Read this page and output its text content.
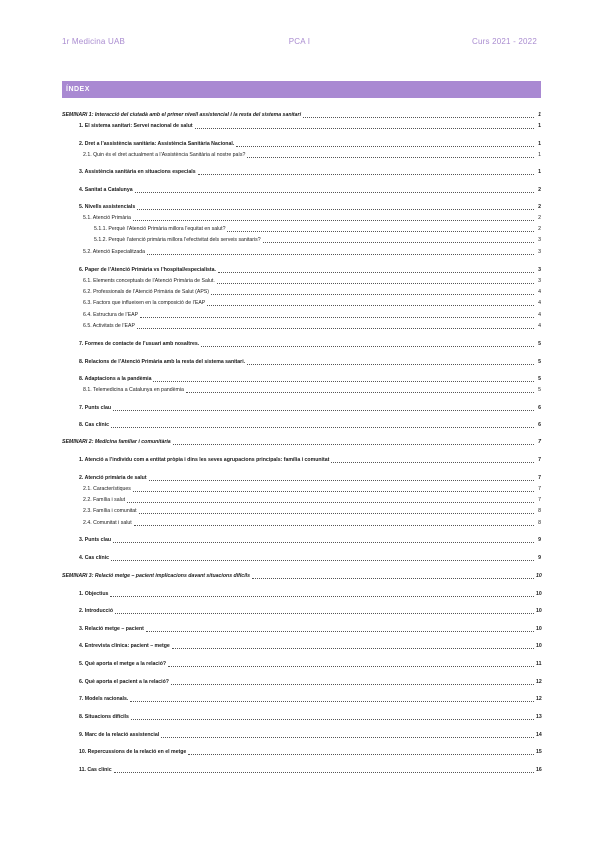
1r Medicina UAB	PCA I	Curs 2021 - 2022
ÍNDEX
SEMINARI 1: Interacció del ciutadà amb el primer nivell assistencial i la resta del sistema sanitari	1
1. El sistema sanitari: Servei nacional de salut	1
2. Dret a l’assistència sanitària: Assistència Sanitària Nacional.	1
2.1. Quin és el dret actualment a l’Assistència Sanitària al nostre país?	1
3. Assistència sanitària en situacions especials	1
4. Sanitat a Catalunya	2
5. Nivells assistencials	2
5.1. Atenció Primària	2
5.1.1. Perquè l’Atenció Primària millora l’equitat en salut?	2
5.1.2. Perquè l’atenció primària millora l’efectivitat dels serveis sanitaris?	3
5.2. Atenció Especialitzada	3
6. Paper de l’Atenció Primària vs l’hospital/especialista.	3
6.1. Elements conceptuals de l’Atenció Primària de Salut.	3
6.2. Professionals de l’Atenció Primària de Salut (APS)	4
6.3. Factors que influeixen en la composició de l’EAP	4
6.4. Estructura de l’EAP	4
6.5. Activitats de l’EAP	4
7. Formes de contacte de l’usuari amb nosaltres.	5
8. Relacions de l’Atenció Primària amb la resta del sistema sanitari.	5
8. Adaptacions a la pandèmia	5
8.1. Telemedicina a Catalunya en pandèmia	5
7. Punts clau	6
8. Cas clínic	6
SEMINARI 2: Medicina familiar i comunitària	7
1. Atenció a l’individu com a entitat pròpia i dins les seves agrupacions principals: família i comunitat	7
2. Atenció primària de salut	7
2.1. Característiques	7
2.2. Família i salut	7
2.3. Família i comunitat	8
2.4. Comunitat i salut	8
3. Punts clau	9
4. Cas clínic	9
SEMINARI 3: Relació metge – pacient implicacions davant situacions difícils	10
1. Objectius	10
2. Introducció	10
3. Relació metge – pacient	10
4. Entrevista clínica: pacient – metge	10
5. Què aporta el metge a la relació?	11
6. Què aporta el pacient a la relació?	12
7. Models racionals.	12
8. Situacions difícils	13
9. Marc de la relació assistencial	14
10. Repercussions de la relació en el metge	15
11. Cas clínic	16
